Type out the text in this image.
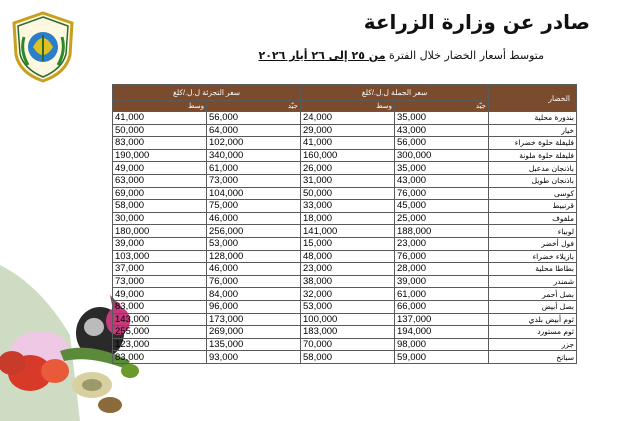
صادر عن وزارة الزراعة
متوسط أسعار الخضار خلال الفترة من ٢٥ إلى ٢٦ أيار ٢٠٢٦
سعر التجزئة ل.ل./كلغ		سعر الجملة ل.ل./كلغ		الخضار
وسط	جيّد	وسط	جيّد	
41,000	56,000	24,000	35,000	بندورة محلية
50,000	64,000	29,000	43,000	خيار
83,000	102,000	41,000	56,000	فليفلة حلوة خضراء
190,000	340,000	160,000	300,000	فليفلة حلوة ملونة
49,000	61,000	26,000	35,000	باذنجان مدعبل
63,000	73,000	31,000	43,000	باذنجان طويل
69,000	104,000	50,000	76,000	كوسى
58,000	75,000	33,000	45,000	قرنبيط
30,000	46,000	18,000	25,000	ملفوف
180,000	256,000	141,000	188,000	لوبياء
39,000	53,000	15,000	23,000	فول أخضر
103,000	128,000	48,000	76,000	بازيلاء خضراء
37,000	46,000	23,000	28,000	بطاطا محلية
73,000	76,000	38,000	39,000	شمندر
49,000	84,000	32,000	61,000	بصل أحمر
83,000	96,000	53,000	66,000	بصل أبيض
143,000	173,000	100,000	137,000	ثوم أبيض بلدي
255,000	269,000	183,000	194,000	ثوم مستورد
123,000	135,000	70,000	98,000	جزر
83,000	93,000	58,000	59,000	سبانخ
